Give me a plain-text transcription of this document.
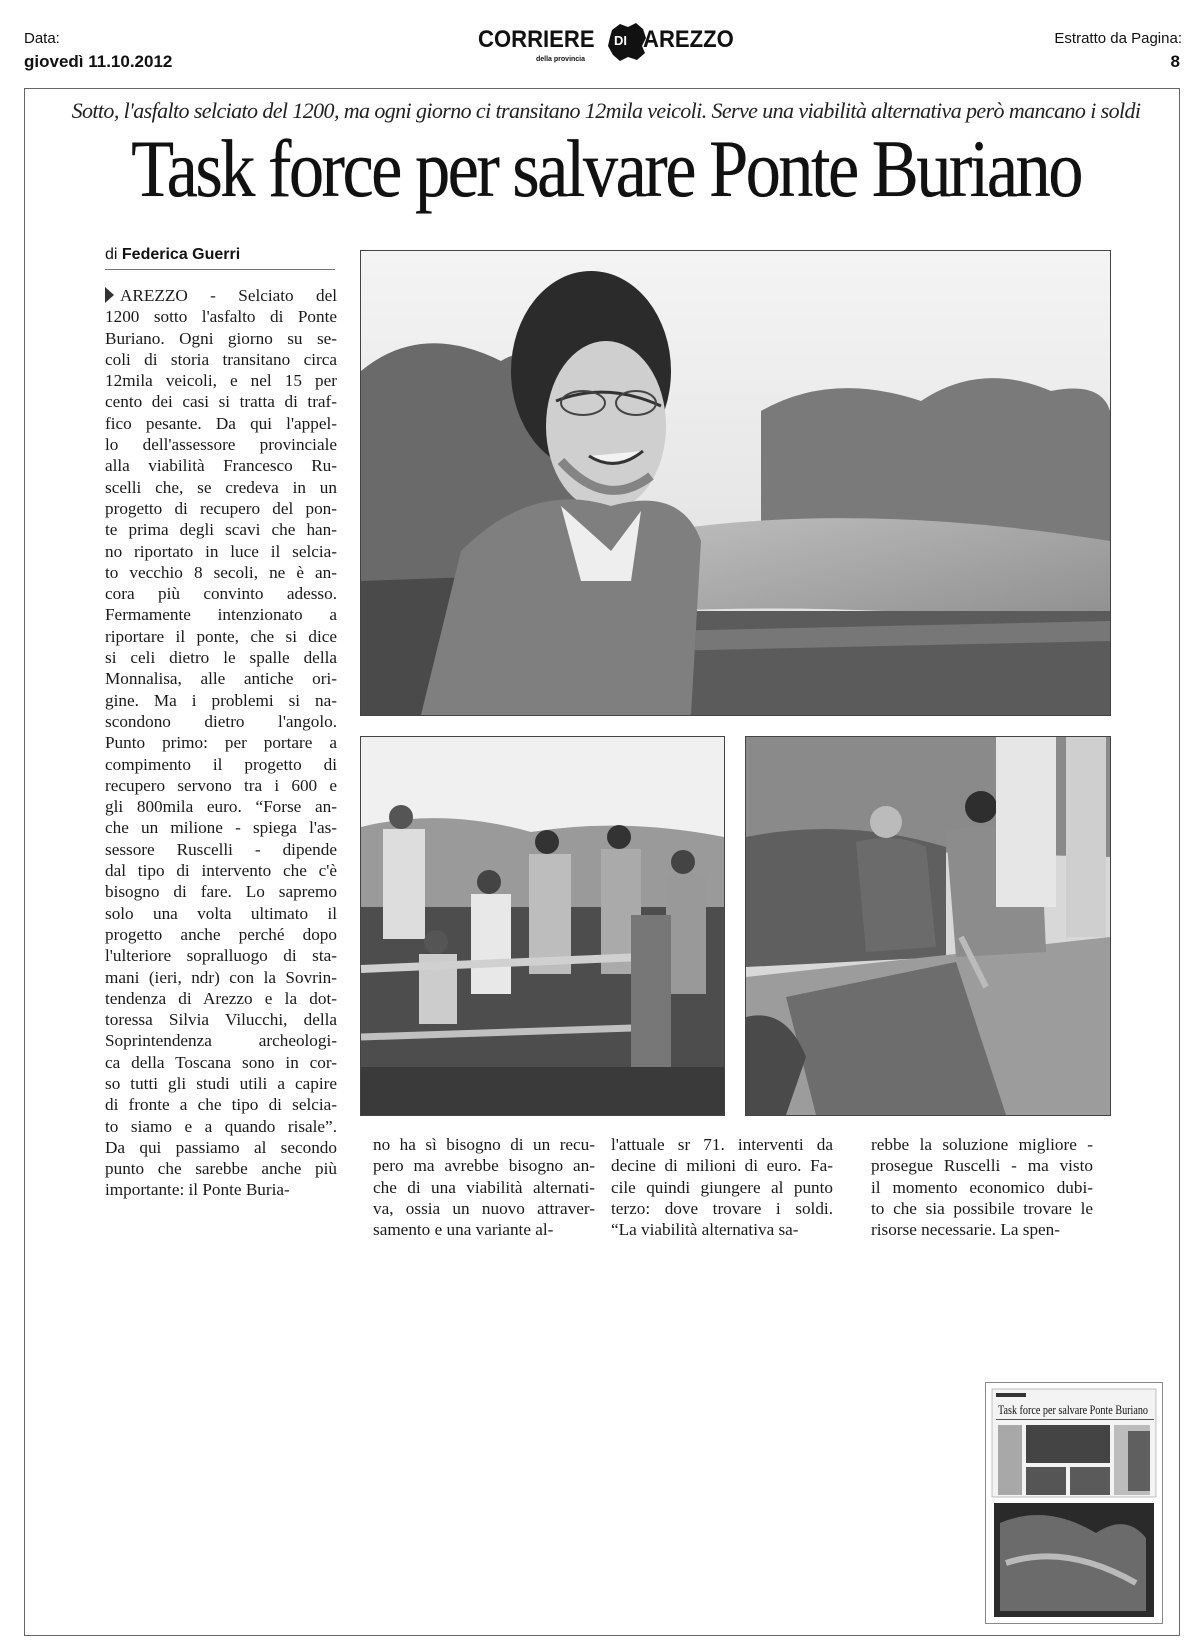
Data:
giovedì 11.10.2012
Estratto da Pagina:
8
CORRIERE DI AREZZO
della provincia
Sotto, l'asfalto selciato del 1200, ma ogni giorno ci transitano 12mila veicoli. Serve una viabilità alternativa però mancano i soldi
Task force per salvare Ponte Buriano
di Federica Guerri
AREZZO - Selciato del
1200 sotto l'asfalto di Ponte
Buriano. Ogni giorno su se-
coli di storia transitano circa
12mila veicoli, e nel 15 per
cento dei casi si tratta di traf-
fico pesante. Da qui l'appel-
lo dell'assessore provinciale
alla viabilità Francesco Ru-
scelli che, se credeva in un
progetto di recupero del pon-
te prima degli scavi che han-
no riportato in luce il selcia-
to vecchio 8 secoli, ne è an-
cora più convinto adesso.
Fermamente intenzionato a
riportare il ponte, che si dice
si celi dietro le spalle della
Monnalisa, alle antiche ori-
gine. Ma i problemi si na-
scondono dietro l'angolo.
Punto primo: per portare a
compimento il progetto di
recupero servono tra i 600 e
gli 800mila euro. “Forse an-
che un milione - spiega l'as-
sessore Ruscelli - dipende
dal tipo di intervento che c'è
bisogno di fare. Lo sapremo
solo una volta ultimato il
progetto anche perché dopo
l'ulteriore sopralluogo di sta-
mani (ieri, ndr) con la Sovrin-
tendenza di Arezzo e la dot-
toressa Silvia Vilucchi, della
Soprintendenza archeologi-
ca della Toscana sono in cor-
so tutti gli studi utili a capire
di fronte a che tipo di selcia-
to siamo e a quando risale”.
Da qui passiamo al secondo
punto che sarebbe anche più
importante: il Ponte Buria-
no ha sì bisogno di un recu-
pero ma avrebbe bisogno an-
che di una viabilità alternati-
va, ossia un nuovo attraver-
samento e una variante al-
l'attuale sr 71. interventi da
decine di milioni di euro. Fa-
cile quindi giungere al punto
terzo: dove trovare i soldi.
“La viabilità alternativa sa-
rebbe la soluzione migliore -
prosegue Ruscelli - ma visto
il momento economico dubi-
to che sia possibile trovare le
risorse necessarie. La spen-
Task force per salvare Ponte Buriano
